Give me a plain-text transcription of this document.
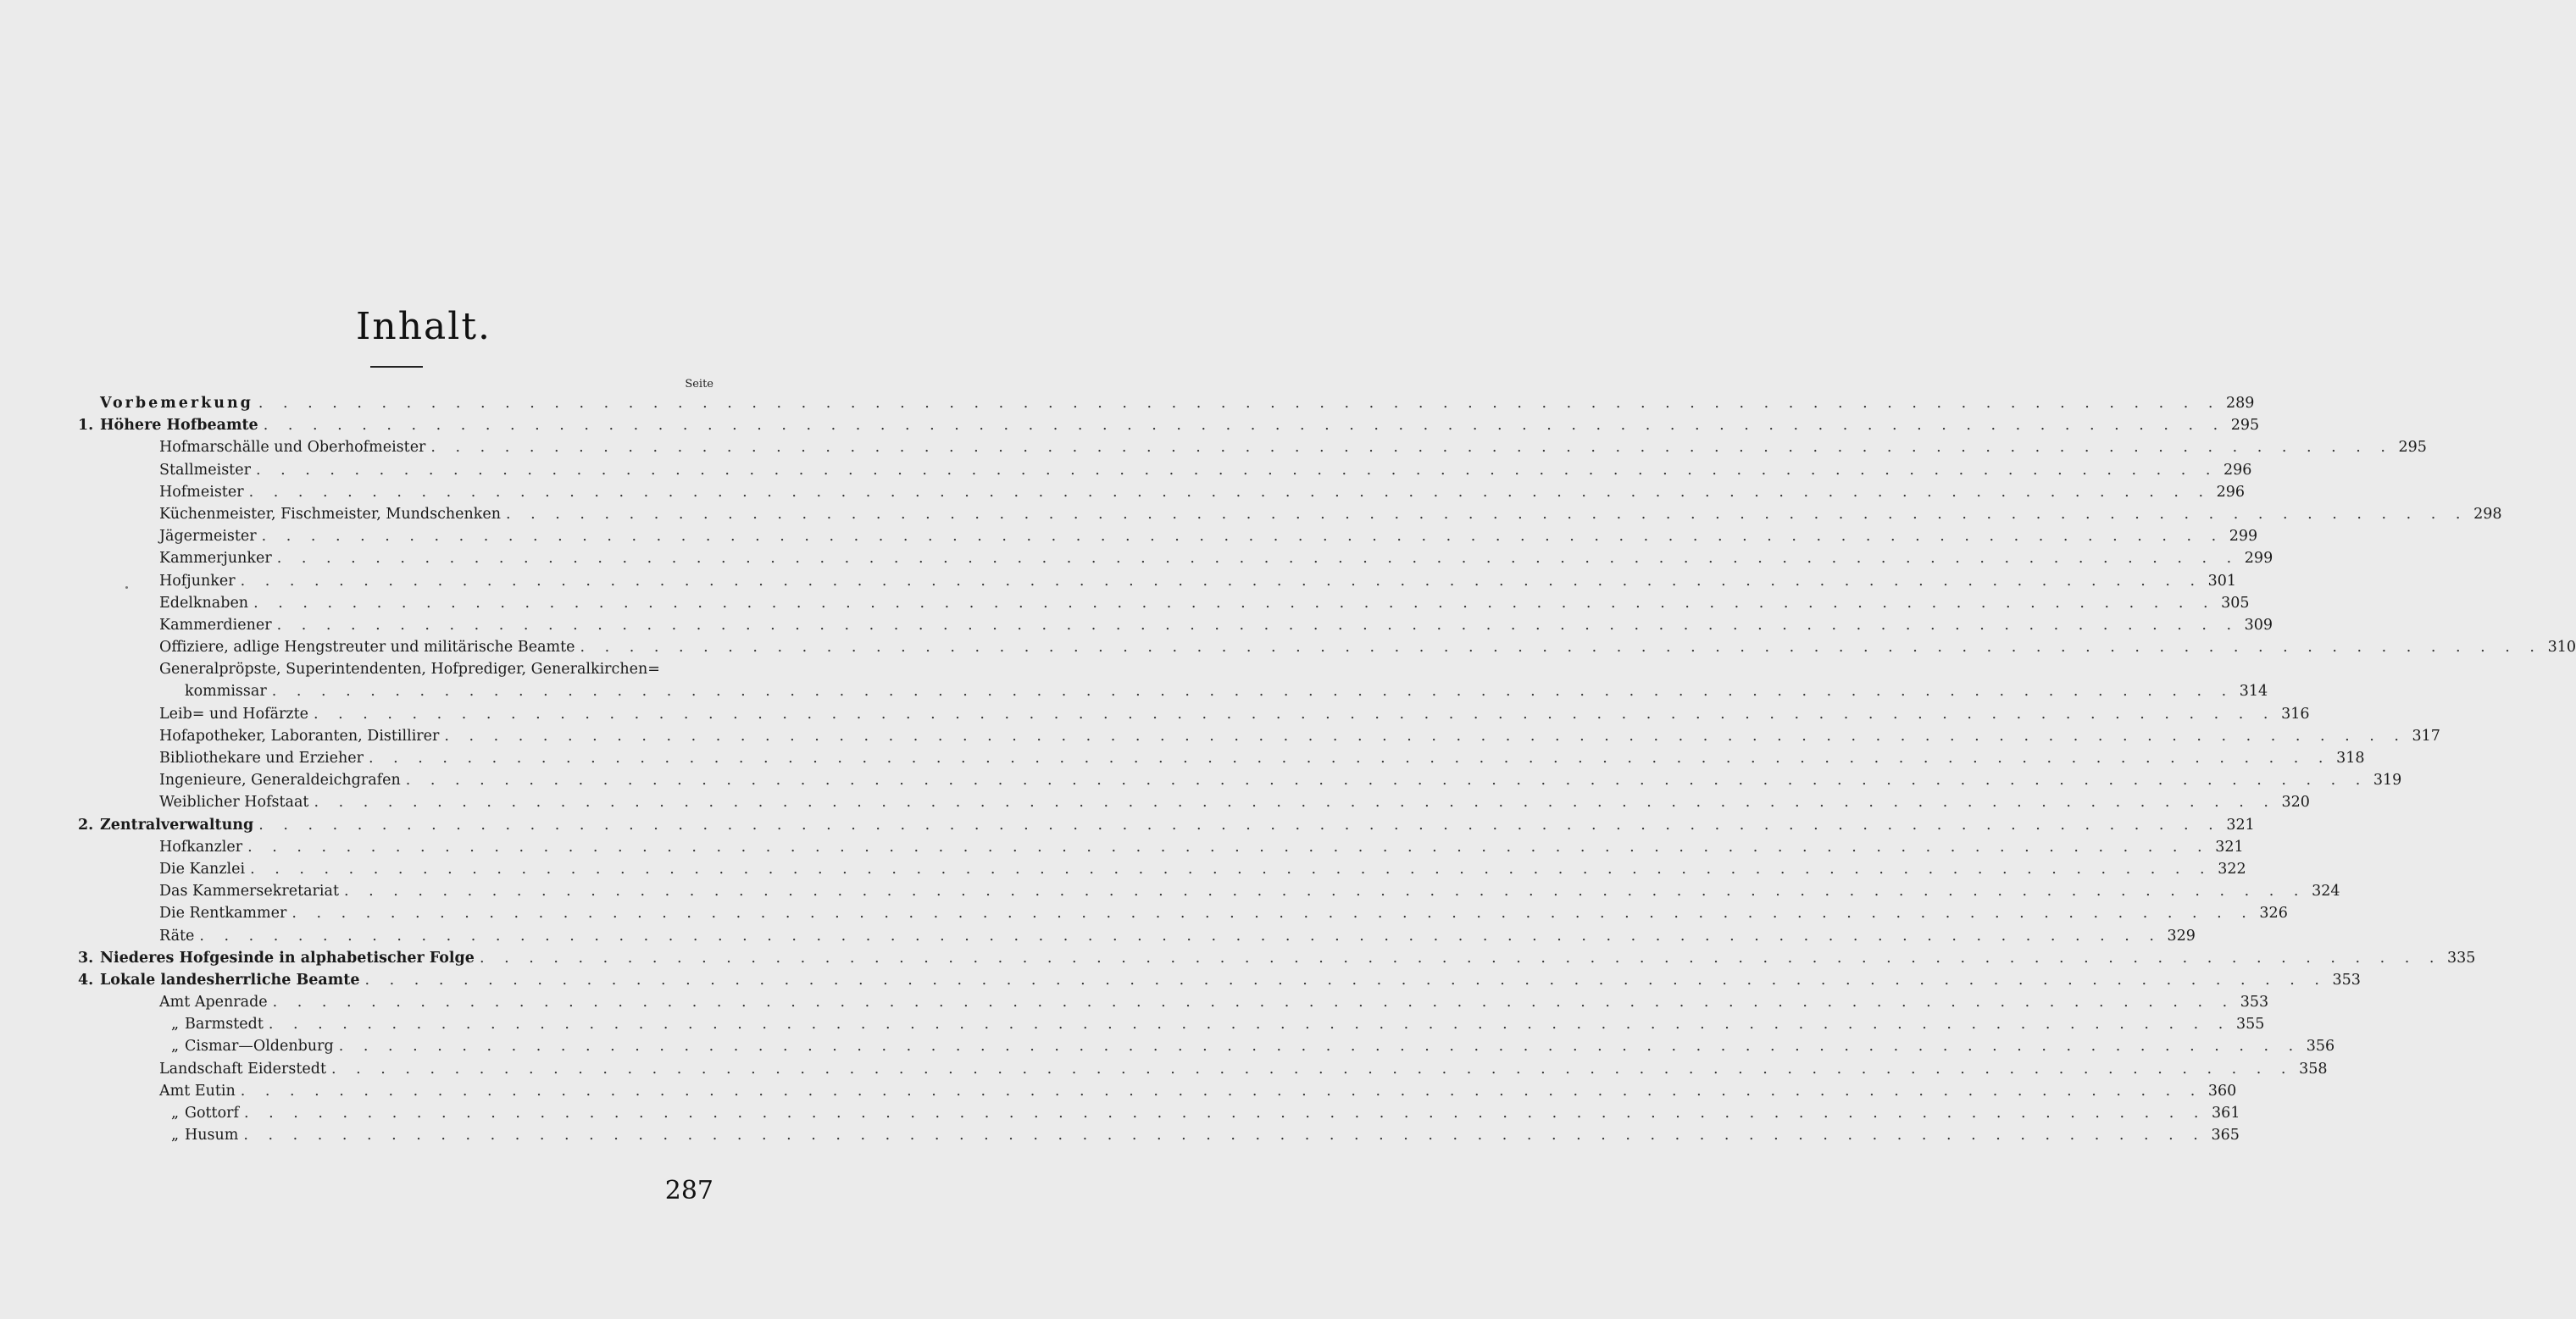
Inhalt.
Seite
Vorbemerkung . . . . . . . . . . . . . . . . . . . . . . . . . . . . . . . . . . . . . . . . . . . . . . . . . . . . . . . . . . . . . . . . . . . . . . . . . . . . . . . . 289
1. Höhere Hofbeamte . . . . . . . . . . . . . . . . . . . . . . . . . . . . . . . . . . . . . . . . . . . . . . . . . . . . . . . . . . . . . . . . . . . . . . . . . . . . . . . . 295
Hofmarschälle und Oberhofmeister . . . . . . . . . . . . . . . . . . . . . . . . . . . . . . . . . . . . . . . . . . . . . . . . . . . . . . . . . . . . . . . . . . . . . . . . . . . . . . . . 295
Stallmeister . . . . . . . . . . . . . . . . . . . . . . . . . . . . . . . . . . . . . . . . . . . . . . . . . . . . . . . . . . . . . . . . . . . . . . . . . . . . . . . . 296
Hofmeister . . . . . . . . . . . . . . . . . . . . . . . . . . . . . . . . . . . . . . . . . . . . . . . . . . . . . . . . . . . . . . . . . . . . . . . . . . . . . . . . 296
Küchenmeister, Fischmeister, Mundschenken . . . . . . . . . . . . . . . . . . . . . . . . . . . . . . . . . . . . . . . . . . . . . . . . . . . . . . . . . . . . . . . . . . . . . . . . . . . . . . . . 298
Jägermeister . . . . . . . . . . . . . . . . . . . . . . . . . . . . . . . . . . . . . . . . . . . . . . . . . . . . . . . . . . . . . . . . . . . . . . . . . . . . . . . . 299
Kammerjunker . . . . . . . . . . . . . . . . . . . . . . . . . . . . . . . . . . . . . . . . . . . . . . . . . . . . . . . . . . . . . . . . . . . . . . . . . . . . . . . . 299
Hofjunker . . . . . . . . . . . . . . . . . . . . . . . . . . . . . . . . . . . . . . . . . . . . . . . . . . . . . . . . . . . . . . . . . . . . . . . . . . . . . . . . 301
Edelknaben . . . . . . . . . . . . . . . . . . . . . . . . . . . . . . . . . . . . . . . . . . . . . . . . . . . . . . . . . . . . . . . . . . . . . . . . . . . . . . . . 305
Kammerdiener . . . . . . . . . . . . . . . . . . . . . . . . . . . . . . . . . . . . . . . . . . . . . . . . . . . . . . . . . . . . . . . . . . . . . . . . . . . . . . . . 309
Offiziere, adlige Hengstreuter und militärische Beamte . . . . . . . . . . . . . . . . . . . . . . . . . . . . . . . . . . . . . . . . . . . . . . . . . . . . . . . . . . . . . . . . . . . . . . . . . . . . . . . . 310
Generalpröpste, Superintendenten, Hofprediger, Generalkirchen=
kommissar . . . . . . . . . . . . . . . . . . . . . . . . . . . . . . . . . . . . . . . . . . . . . . . . . . . . . . . . . . . . . . . . . . . . . . . . . . . . . . . . 314
Leib= und Hofärzte . . . . . . . . . . . . . . . . . . . . . . . . . . . . . . . . . . . . . . . . . . . . . . . . . . . . . . . . . . . . . . . . . . . . . . . . . . . . . . . . 316
Hofapotheker, Laboranten, Distillirer . . . . . . . . . . . . . . . . . . . . . . . . . . . . . . . . . . . . . . . . . . . . . . . . . . . . . . . . . . . . . . . . . . . . . . . . . . . . . . . . 317
Bibliothekare und Erzieher . . . . . . . . . . . . . . . . . . . . . . . . . . . . . . . . . . . . . . . . . . . . . . . . . . . . . . . . . . . . . . . . . . . . . . . . . . . . . . . . 318
Ingenieure, Generaldeichgrafen . . . . . . . . . . . . . . . . . . . . . . . . . . . . . . . . . . . . . . . . . . . . . . . . . . . . . . . . . . . . . . . . . . . . . . . . . . . . . . . . 319
Weiblicher Hofstaat . . . . . . . . . . . . . . . . . . . . . . . . . . . . . . . . . . . . . . . . . . . . . . . . . . . . . . . . . . . . . . . . . . . . . . . . . . . . . . . . 320
2. Zentralverwaltung . . . . . . . . . . . . . . . . . . . . . . . . . . . . . . . . . . . . . . . . . . . . . . . . . . . . . . . . . . . . . . . . . . . . . . . . . . . . . . . . 321
Hofkanzler . . . . . . . . . . . . . . . . . . . . . . . . . . . . . . . . . . . . . . . . . . . . . . . . . . . . . . . . . . . . . . . . . . . . . . . . . . . . . . . . 321
Die Kanzlei . . . . . . . . . . . . . . . . . . . . . . . . . . . . . . . . . . . . . . . . . . . . . . . . . . . . . . . . . . . . . . . . . . . . . . . . . . . . . . . . 322
Das Kammersekretariat . . . . . . . . . . . . . . . . . . . . . . . . . . . . . . . . . . . . . . . . . . . . . . . . . . . . . . . . . . . . . . . . . . . . . . . . . . . . . . . . 324
Die Rentkammer . . . . . . . . . . . . . . . . . . . . . . . . . . . . . . . . . . . . . . . . . . . . . . . . . . . . . . . . . . . . . . . . . . . . . . . . . . . . . . . . 326
Räte . . . . . . . . . . . . . . . . . . . . . . . . . . . . . . . . . . . . . . . . . . . . . . . . . . . . . . . . . . . . . . . . . . . . . . . . . . . . . . . . 329
3. Niederes Hofgesinde in alphabetischer Folge . . . . . . . . . . . . . . . . . . . . . . . . . . . . . . . . . . . . . . . . . . . . . . . . . . . . . . . . . . . . . . . . . . . . . . . . . . . . . . . . 335
4. Lokale landesherrliche Beamte . . . . . . . . . . . . . . . . . . . . . . . . . . . . . . . . . . . . . . . . . . . . . . . . . . . . . . . . . . . . . . . . . . . . . . . . . . . . . . . . 353
Amt Apenrade . . . . . . . . . . . . . . . . . . . . . . . . . . . . . . . . . . . . . . . . . . . . . . . . . . . . . . . . . . . . . . . . . . . . . . . . . . . . . . . . 353
„ Barmstedt . . . . . . . . . . . . . . . . . . . . . . . . . . . . . . . . . . . . . . . . . . . . . . . . . . . . . . . . . . . . . . . . . . . . . . . . . . . . . . . . 355
„ Cismar—Oldenburg . . . . . . . . . . . . . . . . . . . . . . . . . . . . . . . . . . . . . . . . . . . . . . . . . . . . . . . . . . . . . . . . . . . . . . . . . . . . . . . . 356
Landschaft Eiderstedt . . . . . . . . . . . . . . . . . . . . . . . . . . . . . . . . . . . . . . . . . . . . . . . . . . . . . . . . . . . . . . . . . . . . . . . . . . . . . . . . 358
Amt Eutin . . . . . . . . . . . . . . . . . . . . . . . . . . . . . . . . . . . . . . . . . . . . . . . . . . . . . . . . . . . . . . . . . . . . . . . . . . . . . . . . 360
„ Gottorf . . . . . . . . . . . . . . . . . . . . . . . . . . . . . . . . . . . . . . . . . . . . . . . . . . . . . . . . . . . . . . . . . . . . . . . . . . . . . . . . 361
„ Husum . . . . . . . . . . . . . . . . . . . . . . . . . . . . . . . . . . . . . . . . . . . . . . . . . . . . . . . . . . . . . . . . . . . . . . . . . . . . . . . . 365
287
